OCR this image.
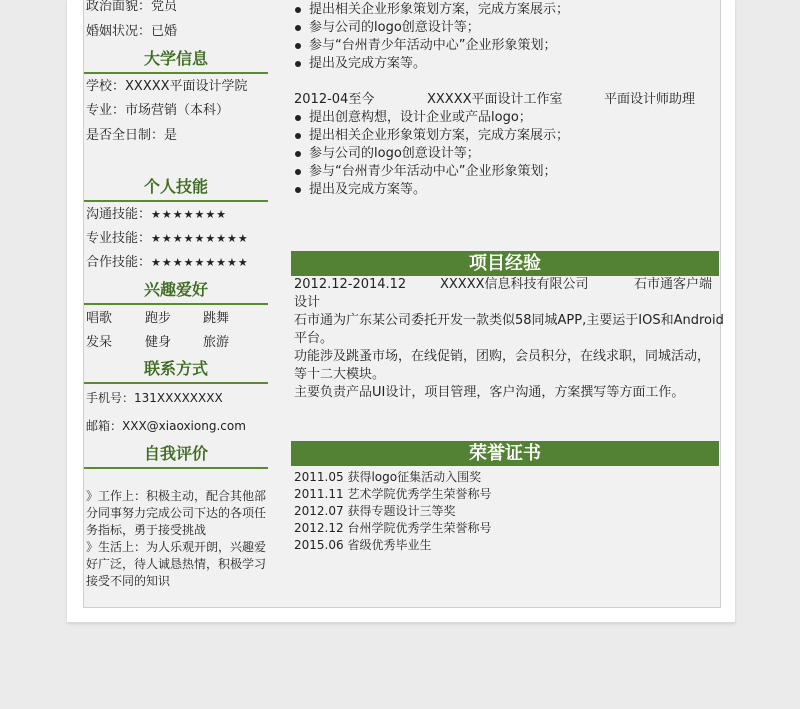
政治面貌：党员
婚姻状况：已婚
大学信息
学校：XXXXX平面设计学院
专业：市场营销（本科）
是否全日制：是
个人技能
沟通技能：★★★★★★★
专业技能：★★★★★★★★★
合作技能：★★★★★★★★★
兴趣爱好
唱歌	跑步 跳舞
发呆	健身 旅游
联系方式
手机号：131XXXXXXXX
邮箱：XXX@xiaoxiong.com
自我评价
》工作上：积极主动，配合其他部
分同事努力完成公司下达的各项任
务指标，勇于接受挑战
》生活上：为人乐观开朗，兴趣爱
好广泛，待人诚恳热情，积极学习
接受不同的知识
提出相关企业形象策划方案，完成方案展示；
参与公司的logo创意设计等；
参与“台州青少年活动中心”企业形象策划；
提出及完成方案等。
2012-04至今	XXXXX平面设计工作室	平面设计师助理
提出创意构想，设计企业或产品logo；
提出相关企业形象策划方案，完成方案展示；
参与公司的logo创意设计等；
参与“台州青少年活动中心”企业形象策划；
提出及完成方案等。
项目经验
2012.12-2014.12	XXXXX信息科技有限公司	石市通客户端
设计
石市通为广东某公司委托开发一款类似58同城APP,主要运于IOS和Android
平台。
功能涉及跳蚤市场，在线促销，团购，会员积分，在线求职，同城活动，
等十二大模块。
主要负责产品UI设计，项目管理，客户沟通，方案撰写等方面工作。
荣誉证书
2011.05 获得logo征集活动入围奖
2011.11 艺术学院优秀学生荣誉称号
2012.07 获得专题设计三等奖
2012.12 台州学院优秀学生荣誉称号
2015.06 省级优秀毕业生
